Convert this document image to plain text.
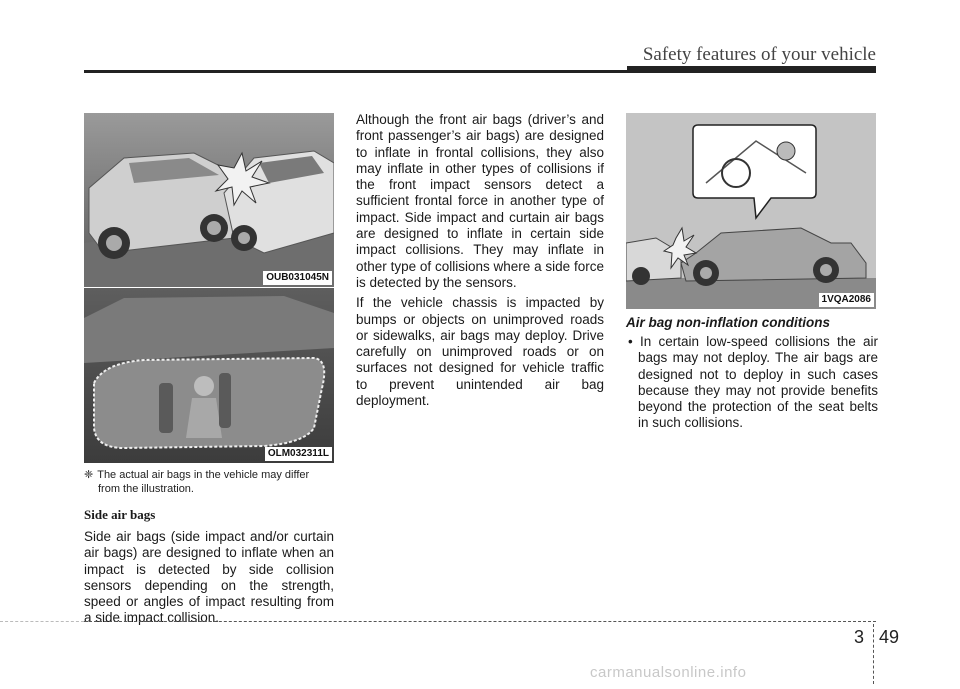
Safety features of your vehicle
OUB031045N
OLM032311L
1VQA2086
❈ The actual air bags in the vehicle may differ
from the illustration.
Side air bags

Side air bags (side impact and/or curtain air bags) are designed to inflate when an impact is detected by side collision sensors depending on the strength, speed or angles of impact resulting from a side impact collision.

Although the front air bags (driver’s and front passenger’s air bags) are designed to inflate in frontal collisions, they also may inflate in other types of collisions if the front impact sensors detect a sufficient frontal force in another type of impact. Side impact and curtain air bags are designed to inflate in certain side impact collisions. They may inflate in other type of collisions where a side force is detected by the sensors.

If the vehicle chassis is impacted by bumps or objects on unimproved roads or sidewalks, air bags may deploy. Drive carefully on unimproved roads or on surfaces not designed for vehicle traffic to prevent unintended air bag deployment.

Air bag non-inflation conditions
• In certain low-speed collisions the air bags may not deploy. The air bags are designed not to deploy in such cases because they may not provide benefits beyond the protection of the seat belts in such collisions.
3 49
carmanualsonline.info
